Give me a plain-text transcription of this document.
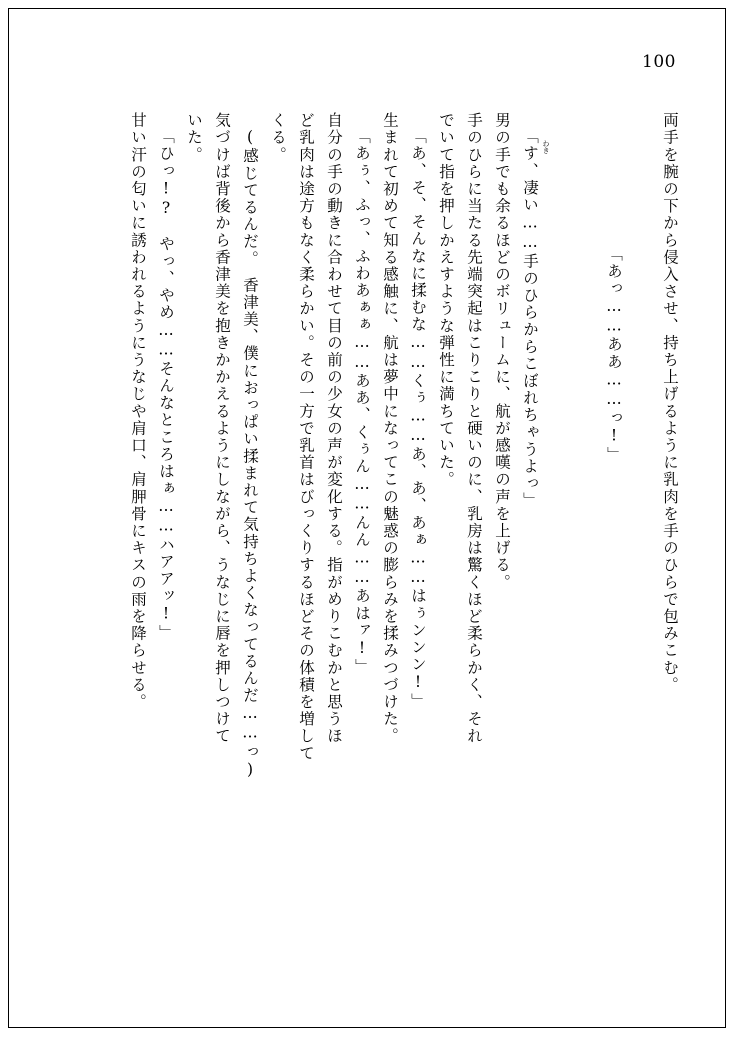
100
両手を腕の下から侵入させ、持ち上げるように乳肉を手のひらで包みこむ。

「あっ……ああ……っ!」

わき

「す、凄い……手のひらからこぼれちゃうよっ」
男の手でも余るほどのボリュームに、航が感嘆の声を上げる。
手のひらに当たる先端突起はこりこりと硬いのに、乳房は驚くほど柔らかく、それ
でいて指を押しかえすような弾性に満ちていた。
「あ、そ、そんなに揉むな……くぅ……あ、あ、あぁ……はぅンンン!」
生まれて初めて知る感触に、航は夢中になってこの魅惑の膨らみを揉みつづけた。
「あぅ、ふっ、ふわあぁぁ……ああ、くぅん……んん……あはァ!」
自分の手の動きに合わせて目の前の少女の声が変化する。指がめりこむかと思うほ
ど乳肉は途方もなく柔らかい。その一方で乳首はびっくりするほどその体積を増して
くる。
(感じてるんだ。　香津美、僕におっぱい揉まれて気持ちよくなってるんだ……っ)
気づけば背後から香津美を抱きかかえるようにしながら、うなじに唇を押しつけて
いた。
「ひっ!?　やっ、やめ……そんなところはぁ……ハアアッ!」
甘い汗の匂いに誘われるようにうなじや肩口、肩胛骨にキスの雨を降らせる。
